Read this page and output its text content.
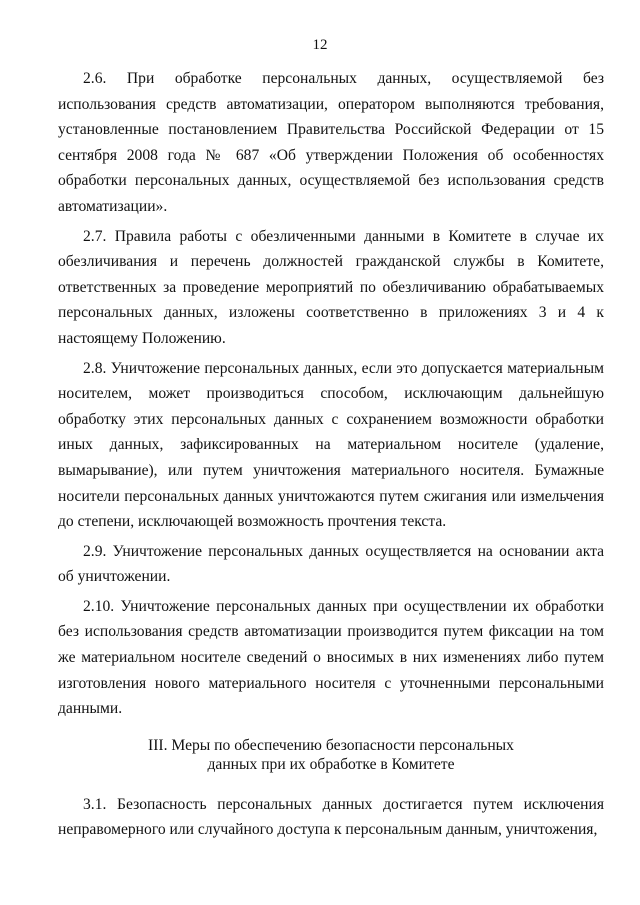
12

2.6. При обработке персональных данных, осуществляемой без использования средств автоматизации, оператором выполняются требования, установленные постановлением Правительства Российской Федерации от 15 сентября 2008 года № 687 «Об утверждении Положения об особенностях обработки персональных данных, осуществляемой без использования средств автоматизации».

2.7. Правила работы с обезличенными данными в Комитете в случае их обезличивания и перечень должностей гражданской службы в Комитете, ответственных за проведение мероприятий по обезличиванию обрабатываемых персональных данных, изложены соответственно в приложениях 3 и 4 к настоящему Положению.

2.8. Уничтожение персональных данных, если это допускается материальным носителем, может производиться способом, исключающим дальнейшую обработку этих персональных данных с сохранением возможности обработки иных данных, зафиксированных на материальном носителе (удаление, вымарывание), или путем уничтожения материального носителя. Бумажные носители персональных данных уничтожаются путем сжигания или измельчения до степени, исключающей возможность прочтения текста.

2.9. Уничтожение персональных данных осуществляется на основании акта об уничтожении.

2.10. Уничтожение персональных данных при осуществлении их обработки без использования средств автоматизации производится путем фиксации на том же материальном носителе сведений о вносимых в них изменениях либо путем изготовления нового материального носителя с уточненными персональными данными.

III. Меры по обеспечению безопасности персональных
данных при их обработке в Комитете

3.1. Безопасность персональных данных достигается путем исключения неправомерного или случайного доступа к персональным данным, уничтожения,
